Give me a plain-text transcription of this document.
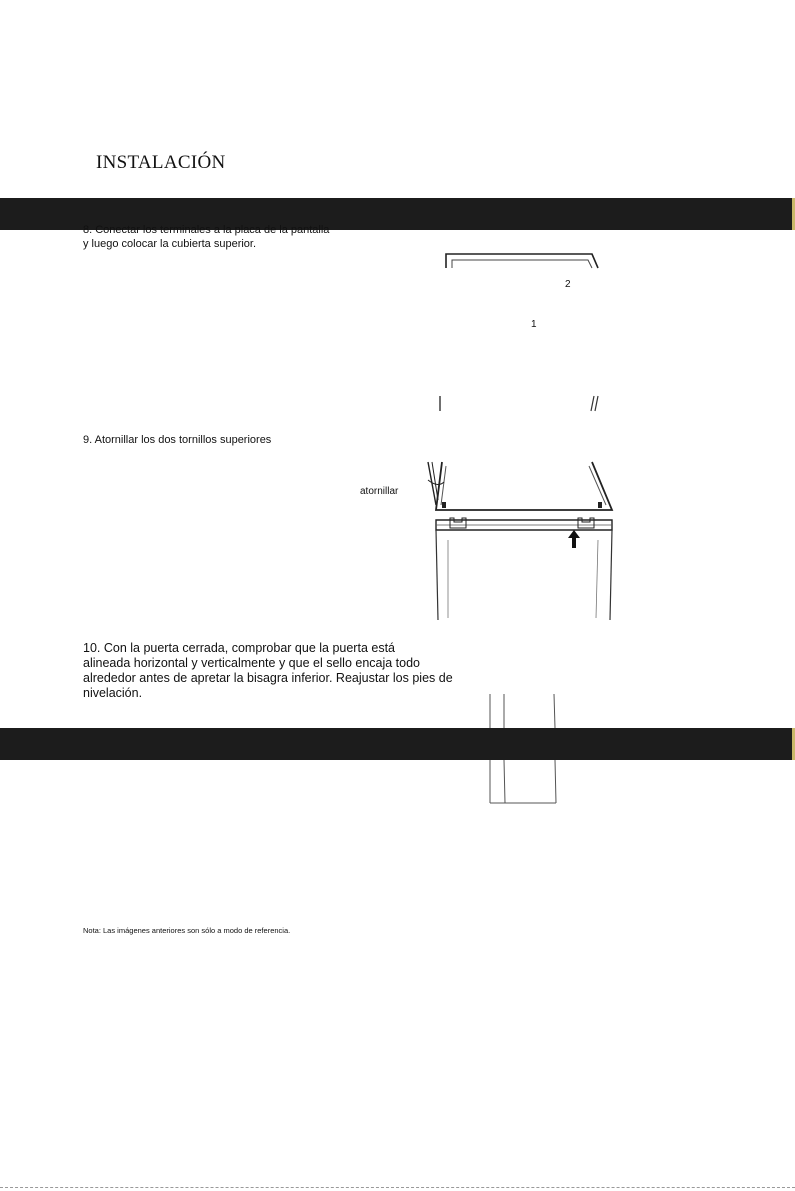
INSTALACIÓN
8. Conectar los terminales a la placa de la pantalla
y luego colocar la cubierta superior.
2
1
9. Atornillar los dos tornillos superiores
atornillar
10. Con la puerta cerrada, comprobar que la puerta está
alineada horizontal y verticalmente y que el sello encaja todo
alrededor antes de apretar la bisagra inferior. Reajustar los pies de
nivelación.
Nota: Las imágenes anteriores son sólo a modo de referencia.
